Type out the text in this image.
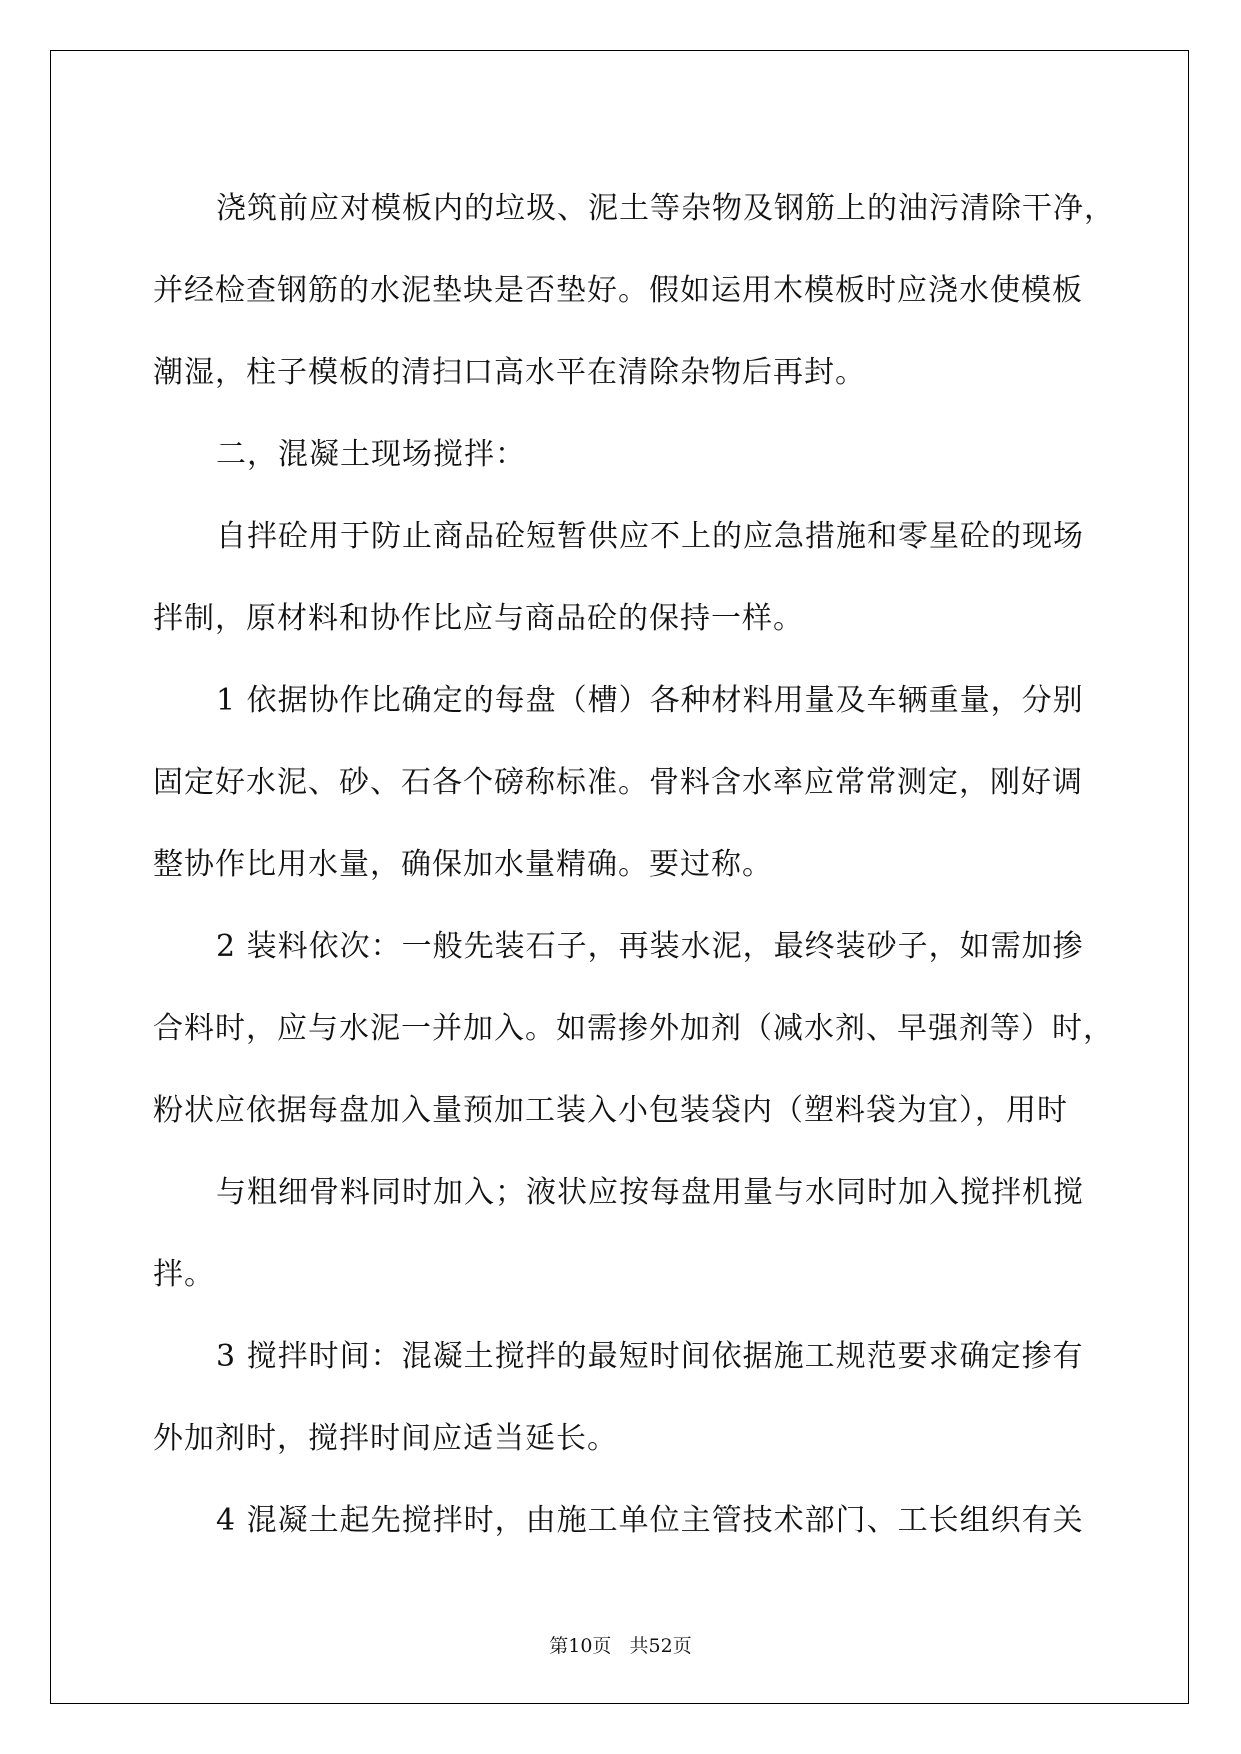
浇筑前应对模板内的垃圾、泥土等杂物及钢筋上的油污清除干净，

并经检查钢筋的水泥垫块是否垫好。假如运用木模板时应浇水使模板

潮湿，柱子模板的清扫口高水平在清除杂物后再封。

二，混凝土现场搅拌：

自拌砼用于防止商品砼短暂供应不上的应急措施和零星砼的现场

拌制，原材料和协作比应与商品砼的保持一样。

1 依据协作比确定的每盘（槽）各种材料用量及车辆重量，分别

固定好水泥、砂、石各个磅称标准。骨料含水率应常常测定，刚好调

整协作比用水量，确保加水量精确。要过称。

2 装料依次：一般先装石子，再装水泥，最终装砂子，如需加掺

合料时，应与水泥一并加入。如需掺外加剂（减水剂、早强剂等）时，

粉状应依据每盘加入量预加工装入小包装袋内（塑料袋为宜），用时

与粗细骨料同时加入；液状应按每盘用量与水同时加入搅拌机搅

拌。

3 搅拌时间：混凝土搅拌的最短时间依据施工规范要求确定掺有

外加剂时，搅拌时间应适当延长。

4 混凝土起先搅拌时，由施工单位主管技术部门、工长组织有关

第10页   共52页
